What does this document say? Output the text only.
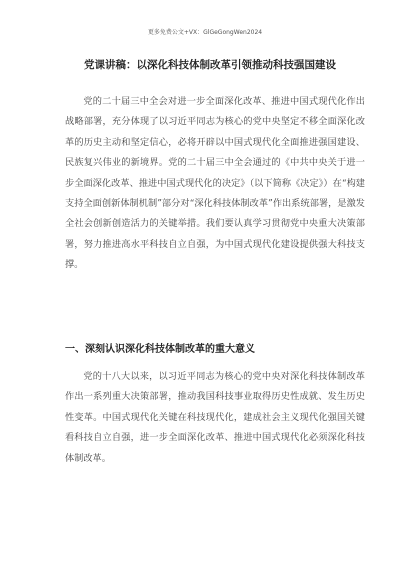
更多免费公文+VX：GlGeGongWen2024
党课讲稿：以深化科技体制改革引领推动科技强国建设
党的二十届三中全会对进一步全面深化改革、推进中国式现代化作出战略部署，充分体现了以习近平同志为核心的党中央坚定不移全面深化改革的历史主动和坚定信心，必将开辟以中国式现代化全面推进强国建设、民族复兴伟业的新境界。党的二十届三中全会通过的《中共中央关于进一步全面深化改革、推进中国式现代化的决定》（以下简称《决定》）在“构建支持全面创新体制机制”部分对“深化科技体制改革”作出系统部署，是激发全社会创新创造活力的关键举措。我们要认真学习贯彻党中央重大决策部署，努力推进高水平科技自立自强，为中国式现代化建设提供强大科技支撑。
一、深刻认识深化科技体制改革的重大意义
党的十八大以来，以习近平同志为核心的党中央对深化科技体制改革作出一系列重大决策部署，推动我国科技事业取得历史性成就、发生历史性变革。中国式现代化关键在科技现代化，建成社会主义现代化强国关键看科技自立自强，进一步全面深化改革、推进中国式现代化必须深化科技体制改革。
